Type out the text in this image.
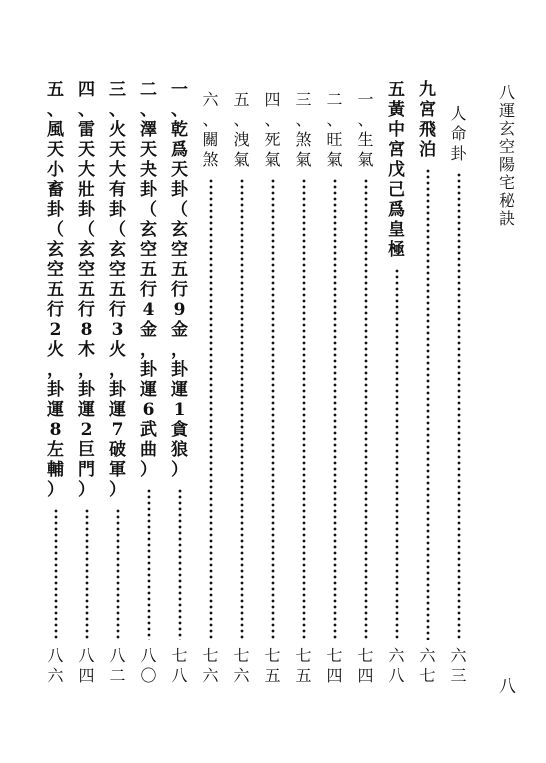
八
運
玄
空
陽
宅
秘
訣
人
命
卦
六
三
九
宮
飛
泊
六
七
五
黃
中
宮
戊
己
爲
皇
極
六
八
一
、
生
氣
七
四
二
、
旺
氣
七
四
三
、
煞
氣
七
五
四
、
死
氣
七
五
五
、
洩
氣
七
六
六
、
關
煞
七
六
一
、
乾
爲
天
卦
（
玄
空
五
行
9
金
，
卦
運
1
貪
狼
）
七
八
二
、
澤
天
夬
卦
（
玄
空
五
行
4
金
，
卦
運
6
武
曲
）
八
〇
三
、
火
天
大
有
卦
（
玄
空
五
行
3
火
，
卦
運
7
破
軍
）
八
二
四
、
雷
天
大
壯
卦
（
玄
空
五
行
8
木
，
卦
運
2
巨
門
）
八
四
五
、
風
天
小
畜
卦
（
玄
空
五
行
2
火
，
卦
運
8
左
輔
）
八
六
八
